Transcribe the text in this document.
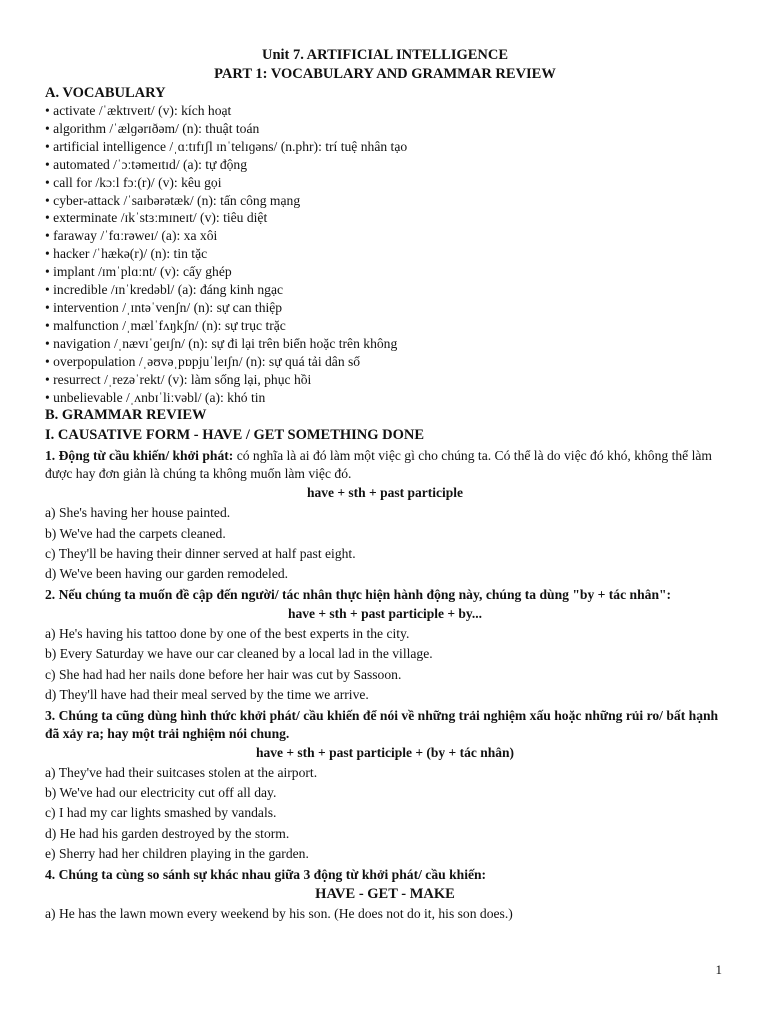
Unit 7. ARTIFICIAL INTELLIGENCE
PART 1: VOCABULARY AND GRAMMAR REVIEW
A. VOCABULARY
• activate /ˈæktɪveɪt/ (v): kích hoạt
• algorithm /ˈælɡərɪðəm/ (n): thuật toán
• artificial intelligence /ˌɑːtɪfɪʃl ɪnˈtelɪɡəns/ (n.phr): trí tuệ nhân tạo
• automated /ˈɔːtəmeɪtɪd/ (a): tự động
• call for /kɔːl fɔː(r)/ (v): kêu gọi
• cyber-attack /ˈsaɪbərətæk/ (n): tấn công mạng
• exterminate /ɪkˈstɜːmɪneɪt/ (v): tiêu diệt
• faraway /ˈfɑːrəweɪ/ (a): xa xôi
• hacker /ˈhækə(r)/ (n): tin tặc
• implant /ɪmˈplɑːnt/ (v): cấy ghép
• incredible /ɪnˈkredəbl/ (a): đáng kinh ngạc
• intervention /ˌɪntəˈvenʃn/ (n): sự can thiệp
• malfunction /ˌmælˈfʌŋkʃn/ (n): sự trục trặc
• navigation /ˌnævɪˈɡeɪʃn/ (n): sự đi lại trên biển hoặc trên không
• overpopulation /ˌəʊvəˌpɒpjuˈleɪʃn/ (n): sự quá tải dân số
• resurrect /ˌrezəˈrekt/ (v): làm sống lại, phục hồi
• unbelievable /ˌʌnbɪˈliːvəbl/ (a): khó tin
B. GRAMMAR REVIEW
I. CAUSATIVE FORM - HAVE / GET SOMETHING DONE
1. Động từ cầu khiến/ khởi phát: có nghĩa là ai đó làm một việc gì cho chúng ta. Có thể là do việc đó khó, không thể làm được hay đơn giản là chúng ta không muốn làm việc đó.
have + sth + past participle
a) She's having her house painted.
b) We've had the carpets cleaned.
c) They'll be having their dinner served at half past eight.
d) We've been having our garden remodeled.
2. Nếu chúng ta muốn đề cập đến người/ tác nhân thực hiện hành động này, chúng ta dùng "by + tác nhân":
have + sth + past participle + by...
a) He's having his tattoo done by one of the best experts in the city.
b) Every Saturday we have our car cleaned by a local lad in the village.
c) She had had her nails done before her hair was cut by Sassoon.
d) They'll have had their meal served by the time we arrive.
3. Chúng ta cũng dùng hình thức khởi phát/ cầu khiến để nói về những trải nghiệm xấu hoặc những rủi ro/ bất hạnh đã xảy ra; hay một trải nghiệm nói chung.
have + sth + past participle + (by + tác nhân)
a) They've had their suitcases stolen at the airport.
b) We've had our electricity cut off all day.
c) I had my car lights smashed by vandals.
d) He had his garden destroyed by the storm.
e) Sherry had her children playing in the garden.
4. Chúng ta cùng so sánh sự khác nhau giữa 3 động từ khởi phát/ cầu khiến:
HAVE - GET - MAKE
a) He has the lawn mown every weekend by his son. (He does not do it, his son does.)
1
